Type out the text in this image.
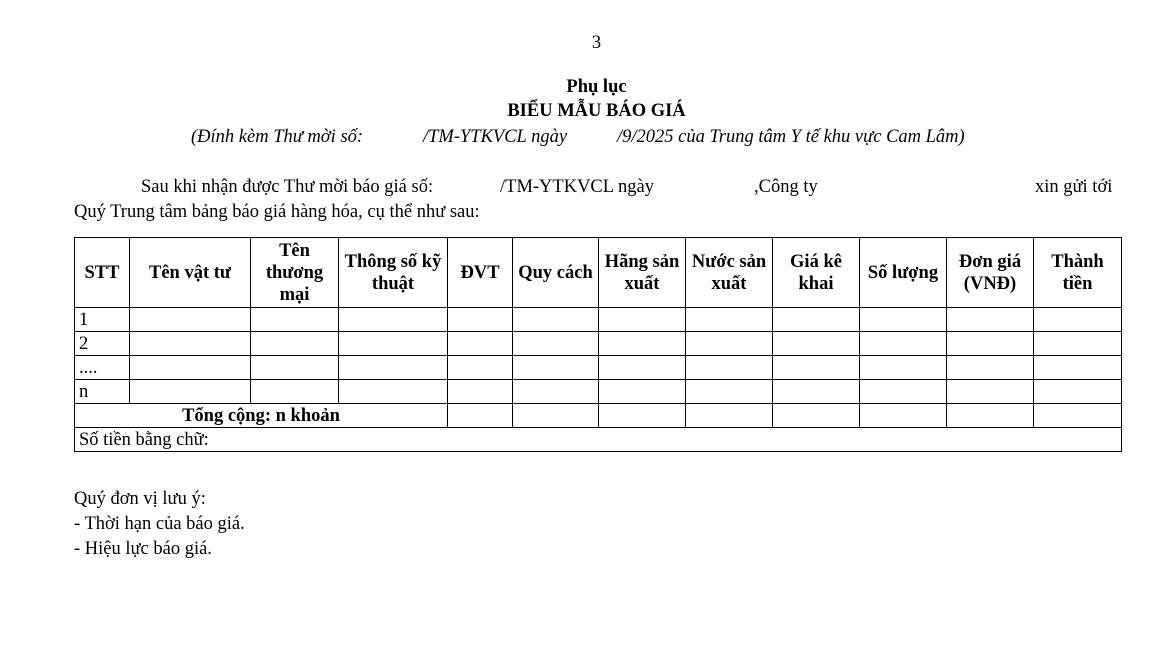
3
Phụ lục
BIỂU MẪU BÁO GIÁ
(Đính kèm Thư mời số:	/TM-YTKVCL ngày	/9/2025 của Trung tâm Y tế khu vực Cam Lâm)
Sau khi nhận được Thư mời báo giá số:	/TM-YTKVCL ngày	,Công ty	xin gửi tới
Quý Trung tâm bảng báo giá hàng hóa, cụ thể như sau:
STT	Tên vật tư	Tên thương mại	Thông số kỹ thuật	ĐVT	Quy cách	Hãng sản xuất	Nước sản xuất	Giá kê khai	Số lượng	Đơn giá (VNĐ)	Thành tiền
1											
2											
....											
n											
Tổng cộng: n khoản											
Số tiền bằng chữ:											
Quý đơn vị lưu ý:
- Thời hạn của báo giá.
- Hiệu lực báo giá.
